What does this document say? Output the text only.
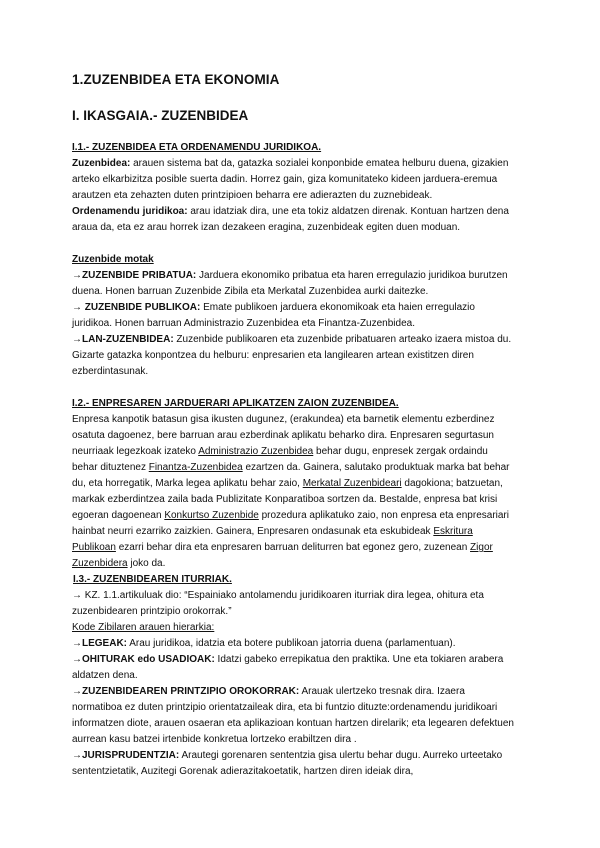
1.ZUZENBIDEA ETA EKONOMIA
I. IKASGAIA.- ZUZENBIDEA
I.1.- ZUZENBIDEA ETA ORDENAMENDU JURIDIKOA.

Zuzenbidea: arauen sistema bat da, gatazka sozialei konponbide ematea helburu duena, gizakien arteko elkarbizitza posible suerta dadin. Horrez gain, giza komunitateko kideen jarduera-eremua arautzen eta zehazten duten printzipioen beharra ere adierazten du zuznebideak.

Ordenamendu juridikoa: arau idatziak dira, une eta tokiz aldatzen direnak. Kontuan hartzen dena araua da, eta ez arau horrek izan dezakeen eragina, zuzenbideak egiten duen moduan.

Zuzenbide motak

→ZUZENBIDE PRIBATUA: Jarduera ekonomiko pribatua eta haren erregulazio juridikoa burutzen duena. Honen barruan Zuzenbide Zibila eta Merkatal Zuzenbidea aurki daitezke.

→ ZUZENBIDE PUBLIKOA: Emate publikoen jarduera ekonomikoak eta haien erregulazio juridikoa. Honen barruan Administrazio Zuzenbidea eta Finantza-Zuzenbidea.

→LAN-ZUZENBIDEA: Zuzenbide publikoaren eta zuzenbide pribatuaren arteako izaera mistoa du. Gizarte gatazka konpontzea du helburu: enpresarien eta langilearen artean existitzen diren ezberdintasunak.

I.2.- ENPRESAREN JARDUERARI APLIKATZEN ZAION ZUZENBIDEA.

Enpresa kanpotik batasun gisa ikusten dugunez, (erakundea) eta barnetik elementu ezberdinez osatuta dagoenez, bere barruan arau ezberdinak aplikatu beharko dira. Enpresaren segurtasun neurriaak legezkoak izateko Administrazio Zuzenbidea behar dugu, enpresek zergak ordaindu behar dituztenez Finantza-Zuzenbidea ezartzen da. Gainera, salutako produktuak marka bat behar du, eta horregatik, Marka legea aplikatu behar zaio, Merkatal Zuzenbideari dagokiona; batzuetan, markak ezberdintzea zaila bada Publizitate Konparatiboa sortzen da. Bestalde, enpresa bat krisi egoeran dagoenean Konkurtso Zuzenbide prozedura aplikatuko zaio, non enpresa eta enpresariari hainbat neurri ezarriko zaizkien. Gainera, Enpresaren ondasunak eta eskubideak Eskritura Publikoan ezarri behar dira eta enpresaren barruan deliturren bat egonez gero, zuzenean Zigor Zuzenbidera joko da.

I.3.- ZUZENBIDEAREN ITURRIAK.

→ KZ. 1.1.artikuluak dio: “Espainiako antolamendu juridikoaren iturriak dira legea, ohitura eta zuzenbidearen printzipio orokorrak.”

Kode Zibilaren arauen hierarkia:

→LEGEAK: Arau juridikoa, idatzia eta botere publikoan jatorria duena (parlamentuan).

→OHITURAK edo USADIOAK: Idatzi gabeko errepikatua den praktika. Une eta tokiaren arabera aldatzen dena.

→ZUZENBIDEAREN PRINTZIPIO OROKORRAK: Arauak ulertzeko tresnak dira. Izaera normatiboa ez duten printzipio orientatzaileak dira, eta bi funtzio dituzte:ordenamendu juridikoari informatzen diote, arauen osaeran eta aplikazioan kontuan hartzen direlarik; eta legearen defektuen aurrean kasu batzei irtenbide konkretua lortzeko erabiltzen dira .

→JURISPRUDENTZIA: Arautegi gorenaren sententzia gisa ulertu behar dugu. Aurreko urteetako sententzietatik, Auzitegi Gorenak adierazitakoetatik, hartzen diren ideiak dira,
